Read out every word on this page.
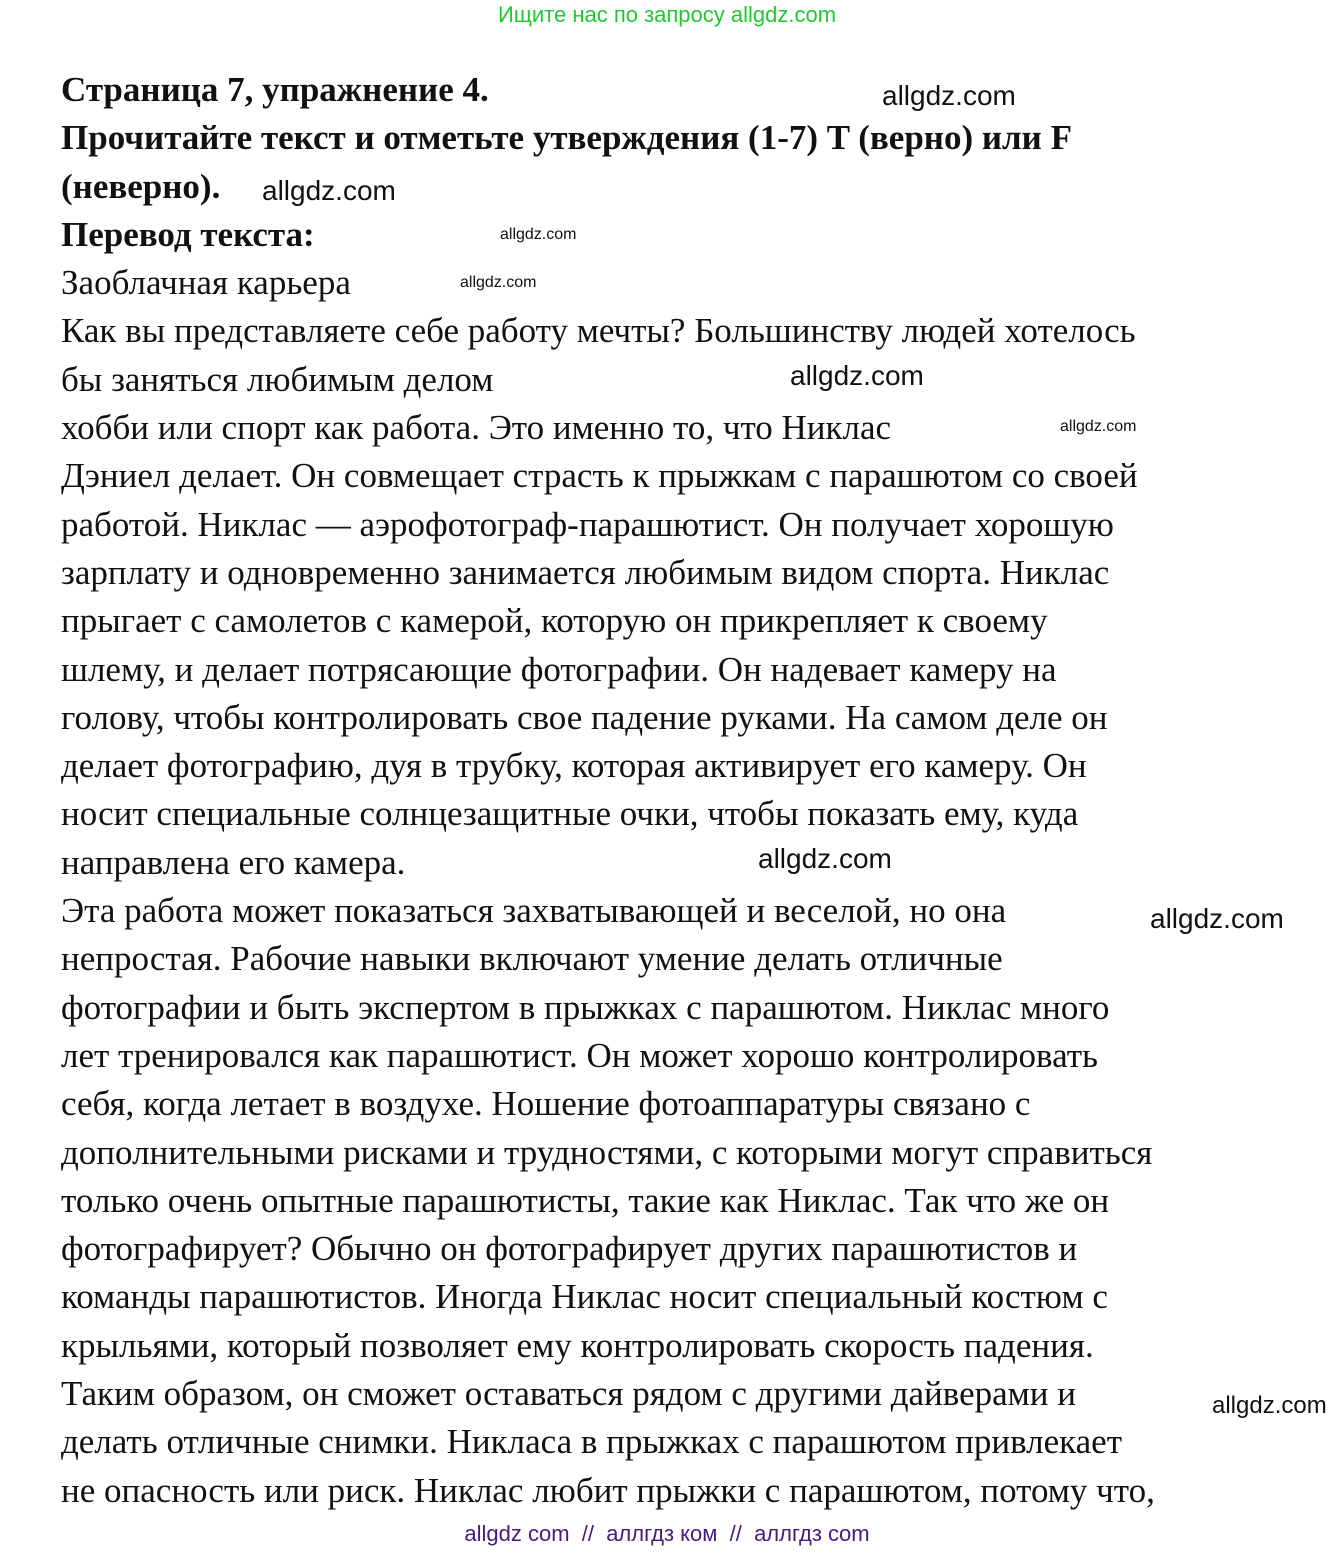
Ищите нас по запросу allgdz.com
Страница 7, упражнение 4.
Прочитайте текст и отметьте утверждения (1-7) T (верно) или F
(неверно).
Перевод текста:
Заоблачная карьера
Как вы представляете себе работу мечты? Большинству людей хотелось
бы заняться любимым делом
хобби или спорт как работа. Это именно то, что Никлас
Дэниел делает. Он совмещает страсть к прыжкам с парашютом со своей
работой. Никлас — аэрофотограф-парашютист. Он получает хорошую
зарплату и одновременно занимается любимым видом спорта. Никлас
прыгает с самолетов с камерой, которую он прикрепляет к своему
шлему, и делает потрясающие фотографии. Он надевает камеру на
голову, чтобы контролировать свое падение руками. На самом деле он
делает фотографию, дуя в трубку, которая активирует его камеру. Он
носит специальные солнцезащитные очки, чтобы показать ему, куда
направлена его камера.
Эта работа может показаться захватывающей и веселой, но она
непростая. Рабочие навыки включают умение делать отличные
фотографии и быть экспертом в прыжках с парашютом. Никлас много
лет тренировался как парашютист. Он может хорошо контролировать
себя, когда летает в воздухе. Ношение фотоаппаратуры связано с
дополнительными рисками и трудностями, с которыми могут справиться
только очень опытные парашютисты, такие как Никлас. Так что же он
фотографирует? Обычно он фотографирует других парашютистов и
команды парашютистов. Иногда Никлас носит специальный костюм с
крыльями, который позволяет ему контролировать скорость падения.
Таким образом, он сможет оставаться рядом с другими дайверами и
делать отличные снимки. Никласа в прыжках с парашютом привлекает
не опасность или риск. Никлас любит прыжки с парашютом, потому что,
allgdz.com
allgdz.com
allgdz.com
allgdz.com
allgdz.com
allgdz.com
allgdz.com
allgdz.com
allgdz.com
allgdz com  //  аллгдз ком  //  аллгдз com
